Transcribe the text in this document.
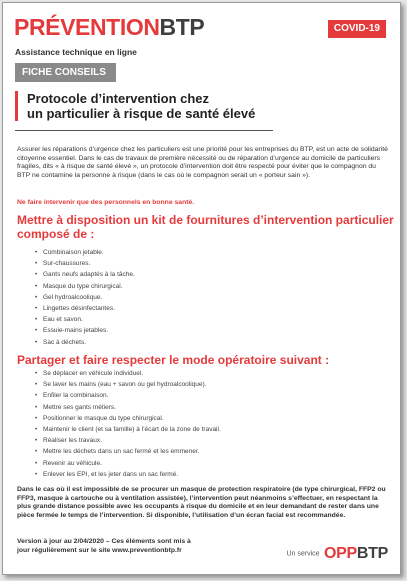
PRÉVENTIONBTP	COVID-19
Assistance technique en ligne
FICHE CONSEILS
Protocole d’intervention chez
un particulier à risque de santé élevé
Assurer les réparations d’urgence chez les particuliers est une priorité pour les entreprises du BTP, est un acte de solidarité citoyenne essentiel. Dans le cas de travaux de première nécessité ou de réparation d’urgence au domicile de particuliers fragiles, dits « à risque de santé élevé », un protocole d’intervention doit être respecté pour éviter que le compagnon du BTP ne contamine la personne à risque (dans le cas où le compagnon serait un « porteur sain »).
Ne faire intervenir que des personnels en bonne santé.
Mettre à disposition un kit de fournitures d’intervention particulier composé de :
• Combinaison jetable.
• Sur-chaussures.
• Gants neufs adaptés à la tâche.
• Masque du type chirurgical.
• Gel hydroalcoolique.
• Lingettes désinfectantes.
• Eau et savon.
• Essuie-mains jetables.
• Sac à déchets.
Partager et faire respecter le mode opératoire suivant :
• Se déplacer en véhicule individuel.
• Se laver les mains (eau + savon ou gel hydroalcoolique).
• Enfiler la combinaison.
• Mettre ses gants métiers.
• Positionner le masque du type chirurgical.
• Maintenir le client (et sa famille) à l’écart de la zone de travail.
• Réaliser les travaux.
• Mettre les déchets dans un sac fermé et les emmener.
• Revenir au véhicule.
• Enlever les EPI, et les jeter dans un sac fermé.
Dans le cas où il est impossible de se procurer un masque de protection respiratoire (de type chirurgical, FFP2 ou FFP3, masque à cartouche ou à ventilation assistée), l’intervention peut néanmoins s’effectuer, en respectant la plus grande distance possible avec les occupants à risque du domicile et en leur demandant de rester dans une pièce fermée le temps de l’intervention. Si disponible, l’utilisation d’un écran facial est recommandée.
Version à jour au 2/04/2020 – Ces éléments sont mis à
jour régulièrement sur le site www.preventionbtp.fr
Un service OPPBTP
